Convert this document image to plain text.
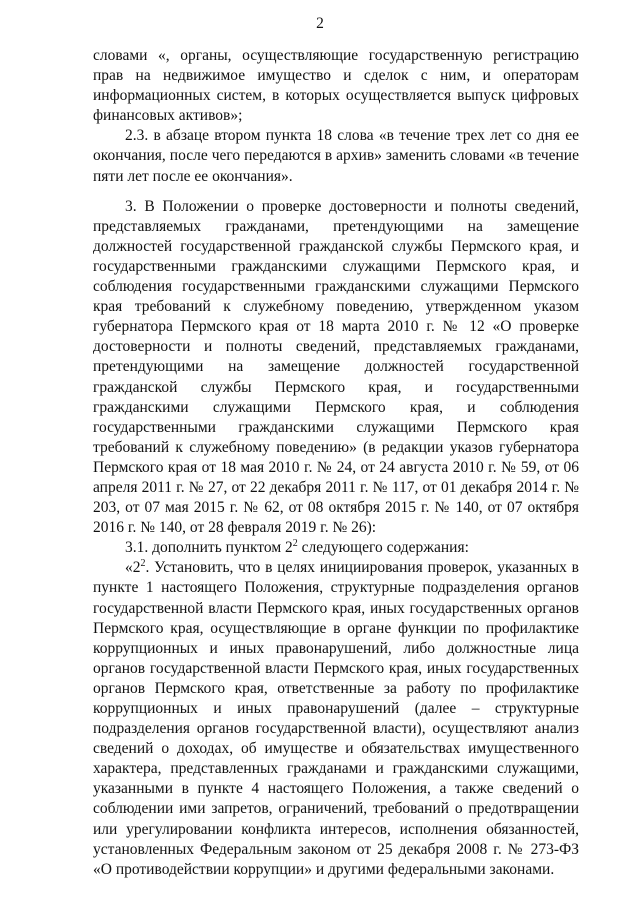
2

словами «, органы, осуществляющие государственную регистрацию прав на недвижимое имущество и сделок с ним, и операторам информационных систем, в которых осуществляется выпуск цифровых финансовых активов»;

2.3. в абзаце втором пункта 18 слова «в течение трех лет со дня ее окончания, после чего передаются в архив» заменить словами «в течение пяти лет после ее окончания».

3. В Положении о проверке достоверности и полноты сведений, представляемых гражданами, претендующими на замещение должностей государственной гражданской службы Пермского края, и государственными гражданскими служащими Пермского края, и соблюдения государственными гражданскими служащими Пермского края требований к служебному поведению, утвержденном указом губернатора Пермского края от 18 марта 2010 г. № 12 «О проверке достоверности и полноты сведений, представляемых гражданами, претендующими на замещение должностей государственной гражданской службы Пермского края, и государственными гражданскими служащими Пермского края, и соблюдения государственными гражданскими служащими Пермского края требований к служебному поведению» (в редакции указов губернатора Пермского края от 18 мая 2010 г. № 24, от 24 августа 2010 г. № 59, от 06 апреля 2011 г. № 27, от 22 декабря 2011 г. № 117, от 01 декабря 2014 г. № 203, от 07 мая 2015 г. № 62, от 08 октября 2015 г. № 140, от 07 октября 2016 г. № 140, от 28 февраля 2019 г. № 26):

3.1. дополнить пунктом $2^2$ следующего содержания:

«$2^2$. Установить, что в целях инициирования проверок, указанных в пункте 1 настоящего Положения, структурные подразделения органов государственной власти Пермского края, иных государственных органов Пермского края, осуществляющие в органе функции по профилактике коррупционных и иных правонарушений, либо должностные лица органов государственной власти Пермского края, иных государственных органов Пермского края, ответственные за работу по профилактике коррупционных и иных правонарушений (далее – структурные подразделения органов государственной власти), осуществляют анализ сведений о доходах, об имуществе и обязательствах имущественного характера, представленных гражданами и гражданскими служащими, указанными в пункте 4 настоящего Положения, а также сведений о соблюдении ими запретов, ограничений, требований о предотвращении или урегулировании конфликта интересов, исполнения обязанностей, установленных Федеральным законом от 25 декабря 2008 г. № 273-ФЗ «О противодействии коррупции» и другими федеральными законами.
